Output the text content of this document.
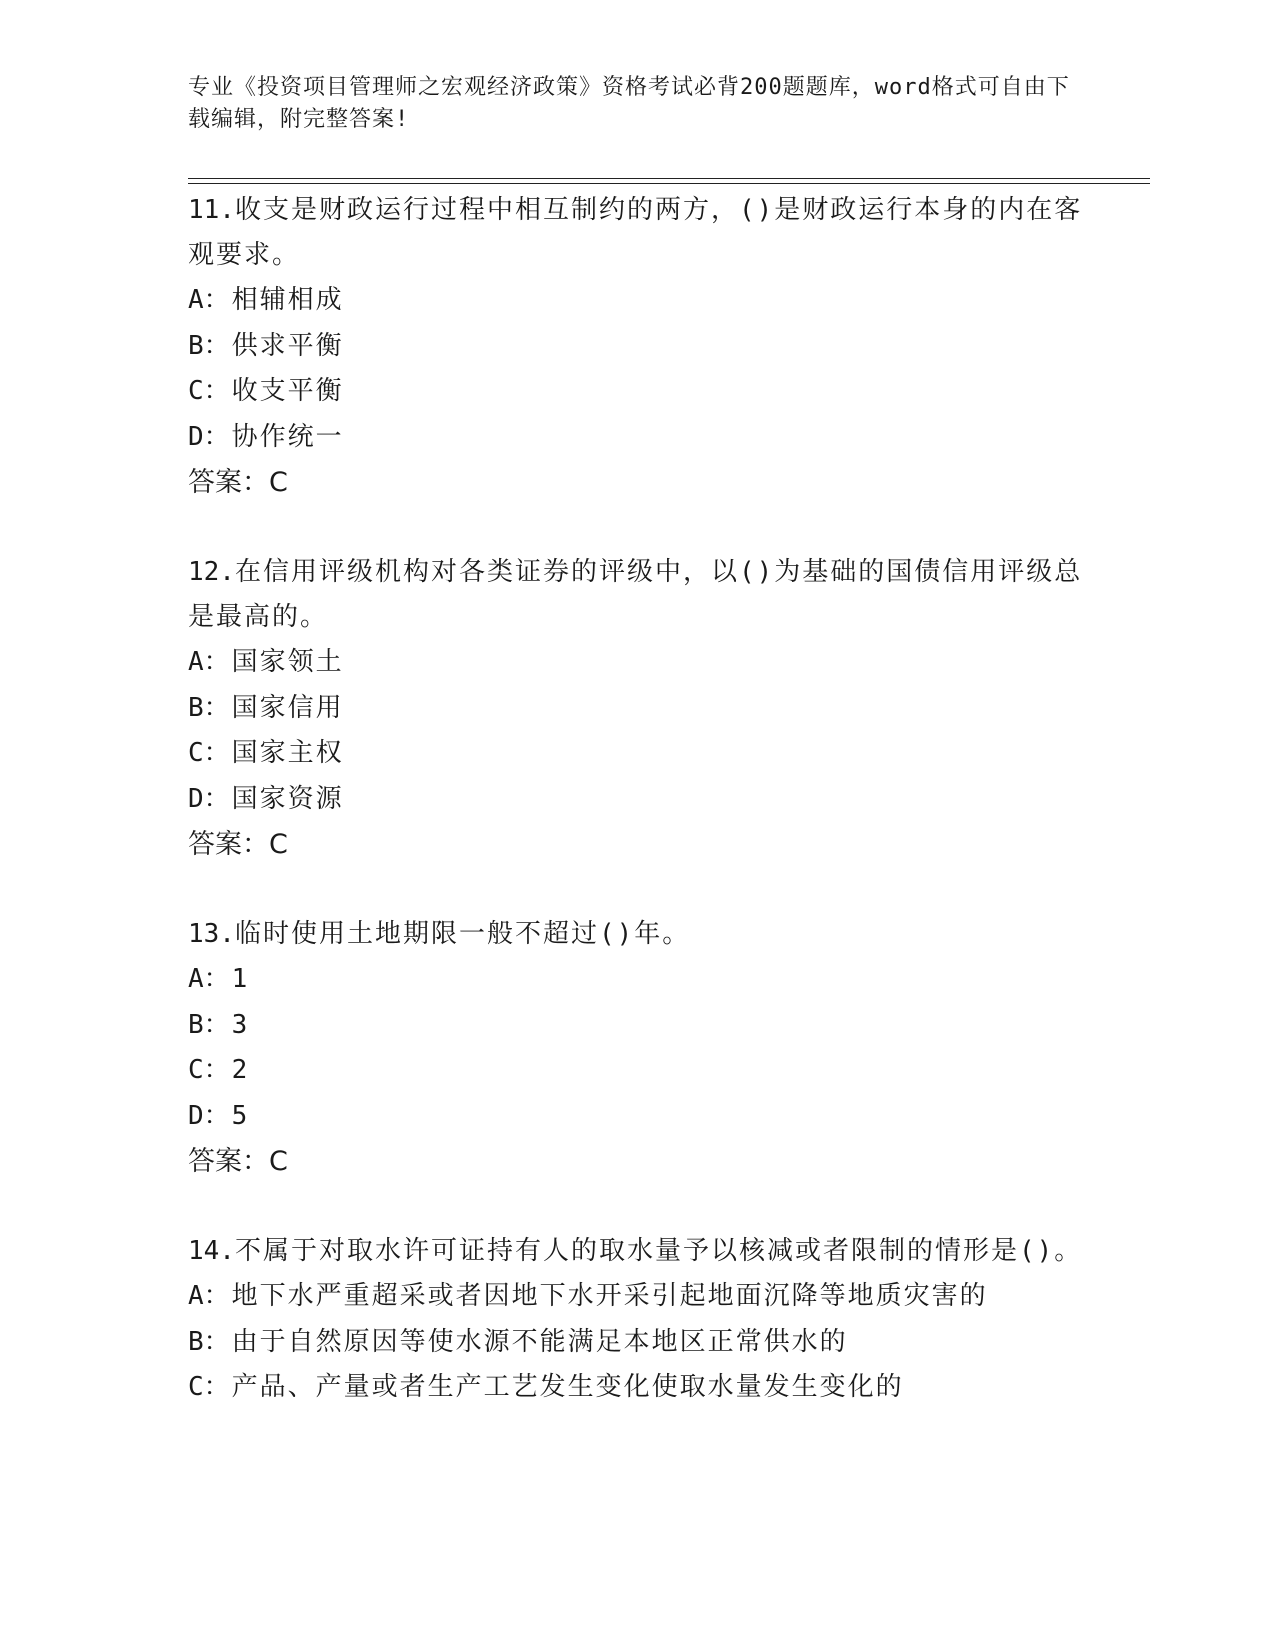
专业《投资项目管理师之宏观经济政策》资格考试必背200题题库，word格式可自由下载编辑，附完整答案!

11.收支是财政运行过程中相互制约的两方，()是财政运行本身的内在客观要求。

A：相辅相成

B：供求平衡

C：收支平衡

D：协作统一

答案：C

12.在信用评级机构对各类证券的评级中，以()为基础的国债信用评级总是最高的。

A：国家领土

B：国家信用

C：国家主权

D：国家资源

答案：C

13.临时使用土地期限一般不超过()年。

A：1

B：3

C：2

D：5

答案：C

14.不属于对取水许可证持有人的取水量予以核减或者限制的情形是()。

A：地下水严重超采或者因地下水开采引起地面沉降等地质灾害的

B：由于自然原因等使水源不能满足本地区正常供水的

C：产品、产量或者生产工艺发生变化使取水量发生变化的
